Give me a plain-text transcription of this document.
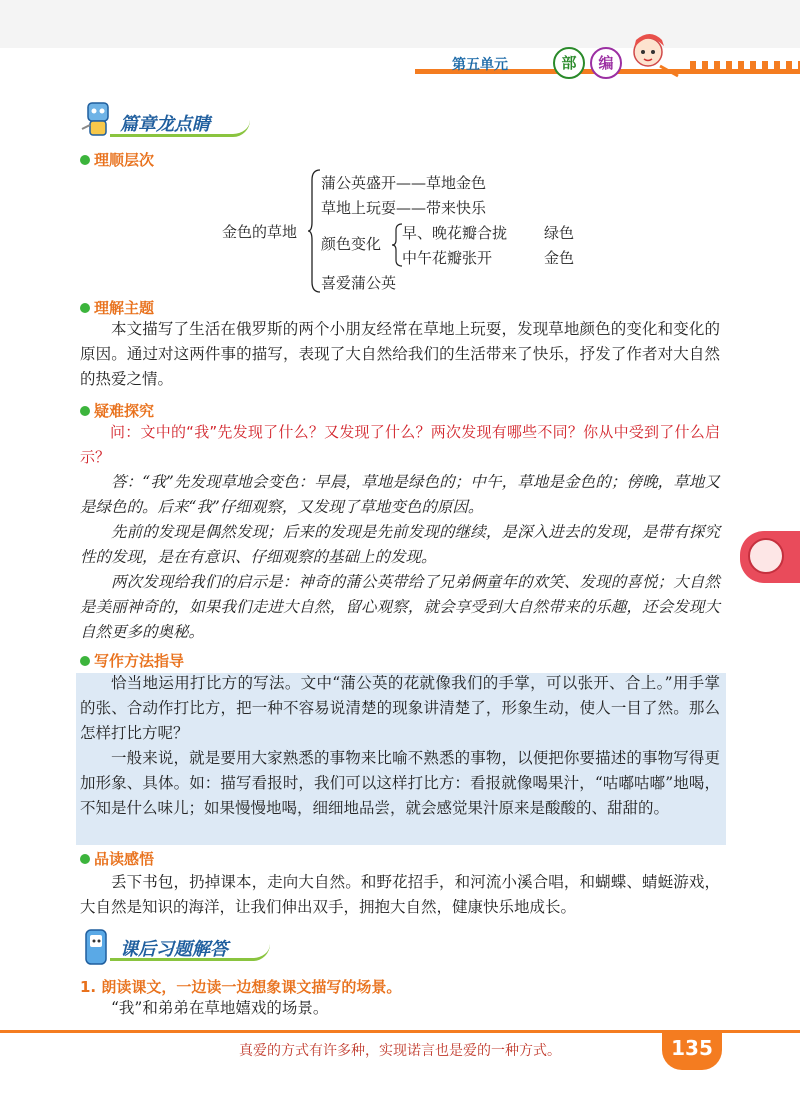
第五单元	部	编
篇章龙点睛
理顺层次
金色的草地
蒲公英盛开——草地金色
草地上玩耍——带来快乐
颜色变化
早、晚花瓣合拢 绿色
中午花瓣张开	金色
喜爱蒲公英
理解主题

本文描写了生活在俄罗斯的两个小朋友经常在草地上玩耍，发现草地颜色的变化和变化的原因。通过对这两件事的描写，表现了大自然给我们的生活带来了快乐，抒发了作者对大自然的热爱之情。

疑难探究

问：文中的“我”先发现了什么？又发现了什么？两次发现有哪些不同？你从中受到了什么启示？

答：“我”先发现草地会变色：早晨，草地是绿色的；中午，草地是金色的；傍晚，草地又是绿色的。后来“我”仔细观察，又发现了草地变色的原因。

先前的发现是偶然发现；后来的发现是先前发现的继续，是深入进去的发现，是带有探究性的发现，是在有意识、仔细观察的基础上的发现。

两次发现给我们的启示是：神奇的蒲公英带给了兄弟俩童年的欢笑、发现的喜悦；大自然是美丽神奇的，如果我们走进大自然，留心观察，就会享受到大自然带来的乐趣，还会发现大自然更多的奥秘。

写作方法指导

恰当地运用打比方的写法。文中“蒲公英的花就像我们的手掌，可以张开、合上。”用手掌的张、合动作打比方，把一种不容易说清楚的现象讲清楚了，形象生动，使人一目了然。那么怎样打比方呢？

一般来说，就是要用大家熟悉的事物来比喻不熟悉的事物，以便把你要描述的事物写得更加形象、具体。如：描写看报时，我们可以这样打比方：看报就像喝果汁，“咕嘟咕嘟”地喝，不知是什么味儿；如果慢慢地喝，细细地品尝，就会感觉果汁原来是酸酸的、甜甜的。

品读感悟

丢下书包，扔掉课本，走向大自然。和野花招手，和河流小溪合唱，和蝴蝶、蜻蜓游戏，大自然是知识的海洋，让我们伸出双手，拥抱大自然，健康快乐地成长。

课后习题解答
1. 朗读课文，一边读一边想象课文描写的场景。

“我”和弟弟在草地嬉戏的场景。

135
真爱的方式有许多种，实现诺言也是爱的一种方式。
